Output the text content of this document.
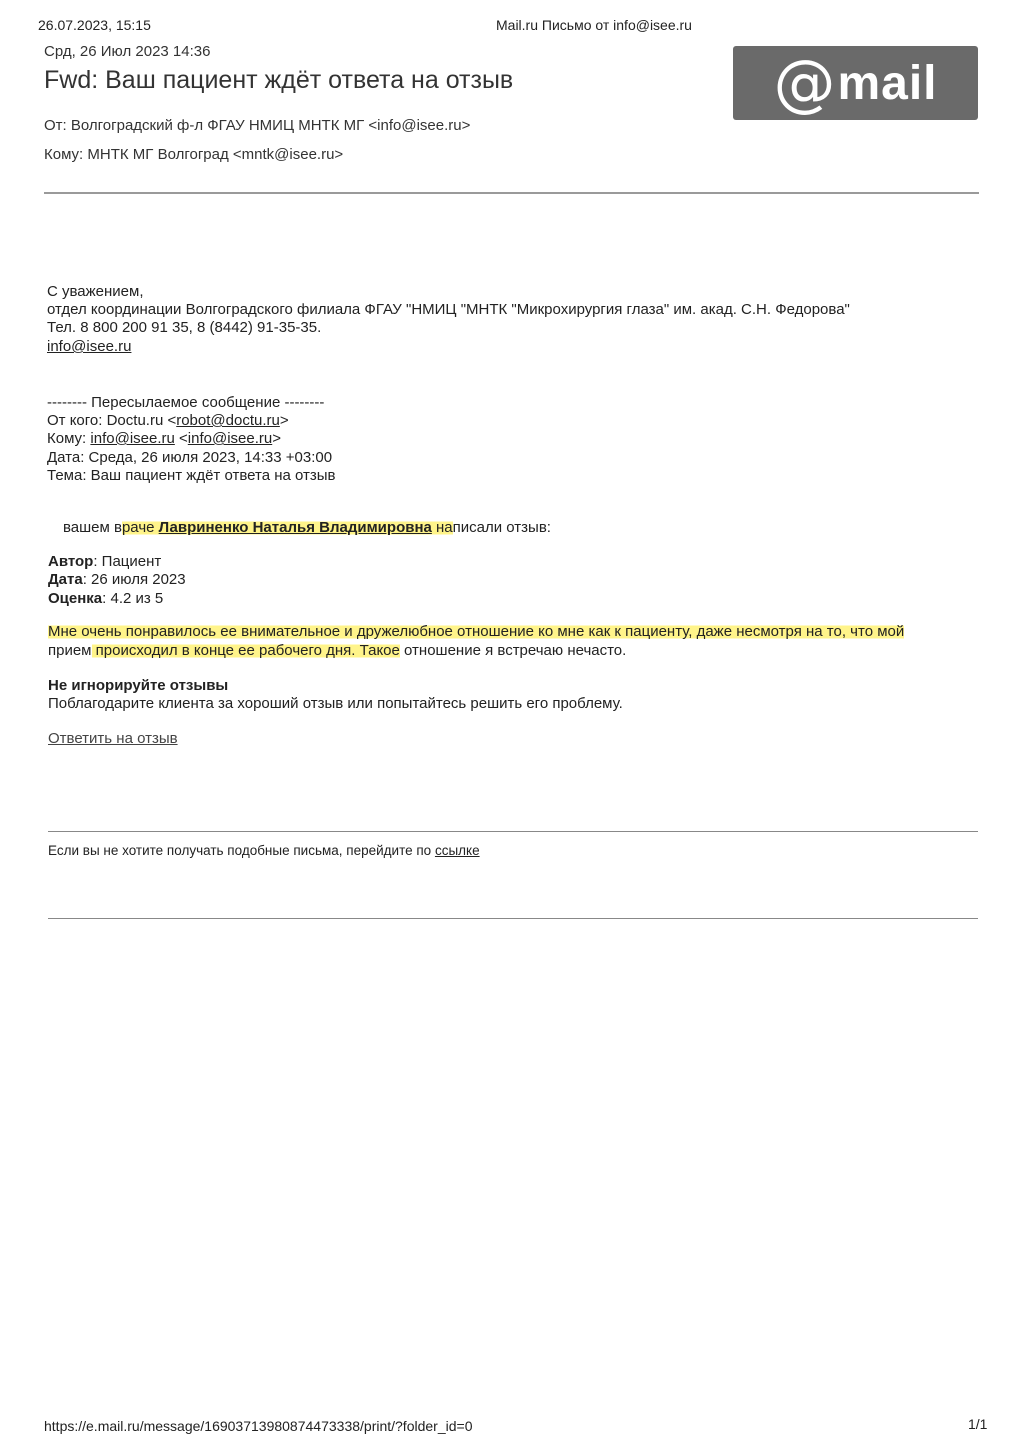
26.07.2023, 15:15	Mail.ru Письмо от info@isee.ru
Срд, 26 Июл 2023 14:36
Fwd: Ваш пациент ждёт ответа на отзыв
От: Волгоградский ф-л ФГАУ НМИЦ МНТК МГ <info@isee.ru>
Кому: МНТК МГ Волгоград <mntk@isee.ru>
@ mail
С уважением,
отдел координации Волгоградского филиала ФГАУ "НМИЦ "МНТК "Микрохирургия глаза" им. акад. С.Н. Федорова"
Тел. 8 800 200 91 35, 8 (8442) 91-35-35.
info@isee.ru
-------- Пересылаемое сообщение --------
От кого: Doctu.ru <robot@doctu.ru>
Кому: info@isee.ru <info@isee.ru>
Дата: Среда, 26 июля 2023, 14:33 +03:00
Тема: Ваш пациент ждёт ответа на отзыв
вашем враче Лавриненко Наталья Владимировна написали отзыв:
Автор: Пациент
Дата: 26 июля 2023
Оценка: 4.2 из 5
Мне очень понравилось ее внимательное и дружелюбное отношение ко мне как к пациенту, даже несмотря на то, что мой
прием происходил в конце ее рабочего дня. Такое отношение я встречаю нечасто.
Не игнорируйте отзывы
Поблагодарите клиента за хороший отзыв или попытайтесь решить его проблему.
Ответить на отзыв
Если вы не хотите получать подобные письма, перейдите по ссылке
https://e.mail.ru/message/16903713980874473338/print/?folder_id=0	1/1
